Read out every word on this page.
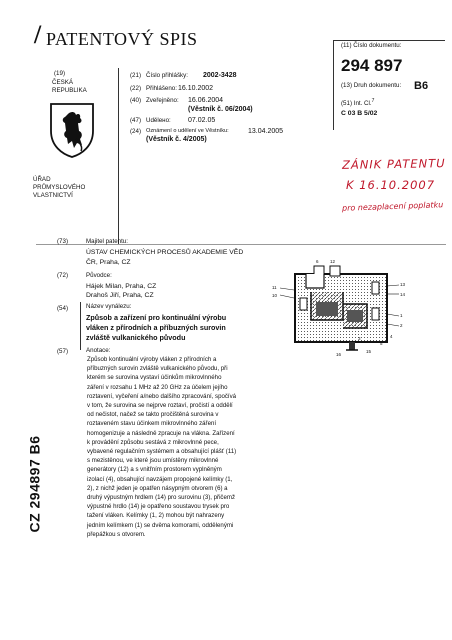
/ PATENTOVÝ SPIS	(11) Číslo dokumentu:
294 897
(13) Druh dokumentu: B6
(51) Int. Cl.$^7$
C 03 B 5/02
(19)
ČESKÁ
REPUBLIKA
ÚŘAD
PRŮMYSLOVÉHO
VLASTNICTVÍ
(21) Číslo přihlášky: 2002-3428
(22) Přihlášeno: 16.10.2002
(40) Zveřejněno: 16.06.2004
(Věstník č. 06/2004)
(47) Udělено: 07.02.05
(24) Oznámení o udělení ve Věstníku:	13.04.2005
(Věstník č. 4/2005)
ZÁNIK PATENTU
K 16.10.2007
pro nezaplacení poplatku
(73)	Majitel patentu:
ÚSTAV CHEMICKÝCH PROCESŮ AKADEMIE VĚD
ČR, Praha, CZ
(72)	Původce:
Hájek Milan, Praha, CZ
Drahoš Jiří, Praha, CZ
(54)	Název vynálezu:
Způsob a zařízení pro kontinuální výrobu
vláken z přírodních a příbuzných surovin
zvláště vulkanického původu
(57)	Anotace:
Způsob kontinuální výroby vláken z přírodních a příbuzných surovin zvláště vulkanického původu, při kterém se surovina vystaví účinkům mikrovlnného záření v rozsahu 1 MHz až 20 GHz za účelem jejího roztavení, vyčeření a/nebo dalšího zpracování, spočívá v tom, že surovina se nejprve roztaví, pročistí a oddělí od nečistot, načež se takto pročištěná surovina v roztaveném stavu účinkem mikrovlnného záření homogenizuje a následně zpracuje na vlákna. Zařízení k provádění způsobu sestává z mikrovlnné pece, vybavené regulačním systémem a obsahující plášť (11) s mezistěnou, ve které jsou umístěny mikrovlnné generátory (12) a s vnitřním prostorem vyplněným izolací (4), obsahující navzájem propojené kelímky (1, 2), z nichž jeden je opatřen násypným otvorem (6) a druhý výpustným hrdlem (14) pro surovinu (3), přičemž výpustné hrdlo (14) je opatřeno soustavou trysek pro tažení vláken. Kelímky (1, 2) mohou být nahrazeny jedním kelímkem (1) se dvěma komorami, oddělenými přepážkou s otvorem.
11
6	12
13
14
10
1
2
3	4
5
16
15
CZ 294897 B6
